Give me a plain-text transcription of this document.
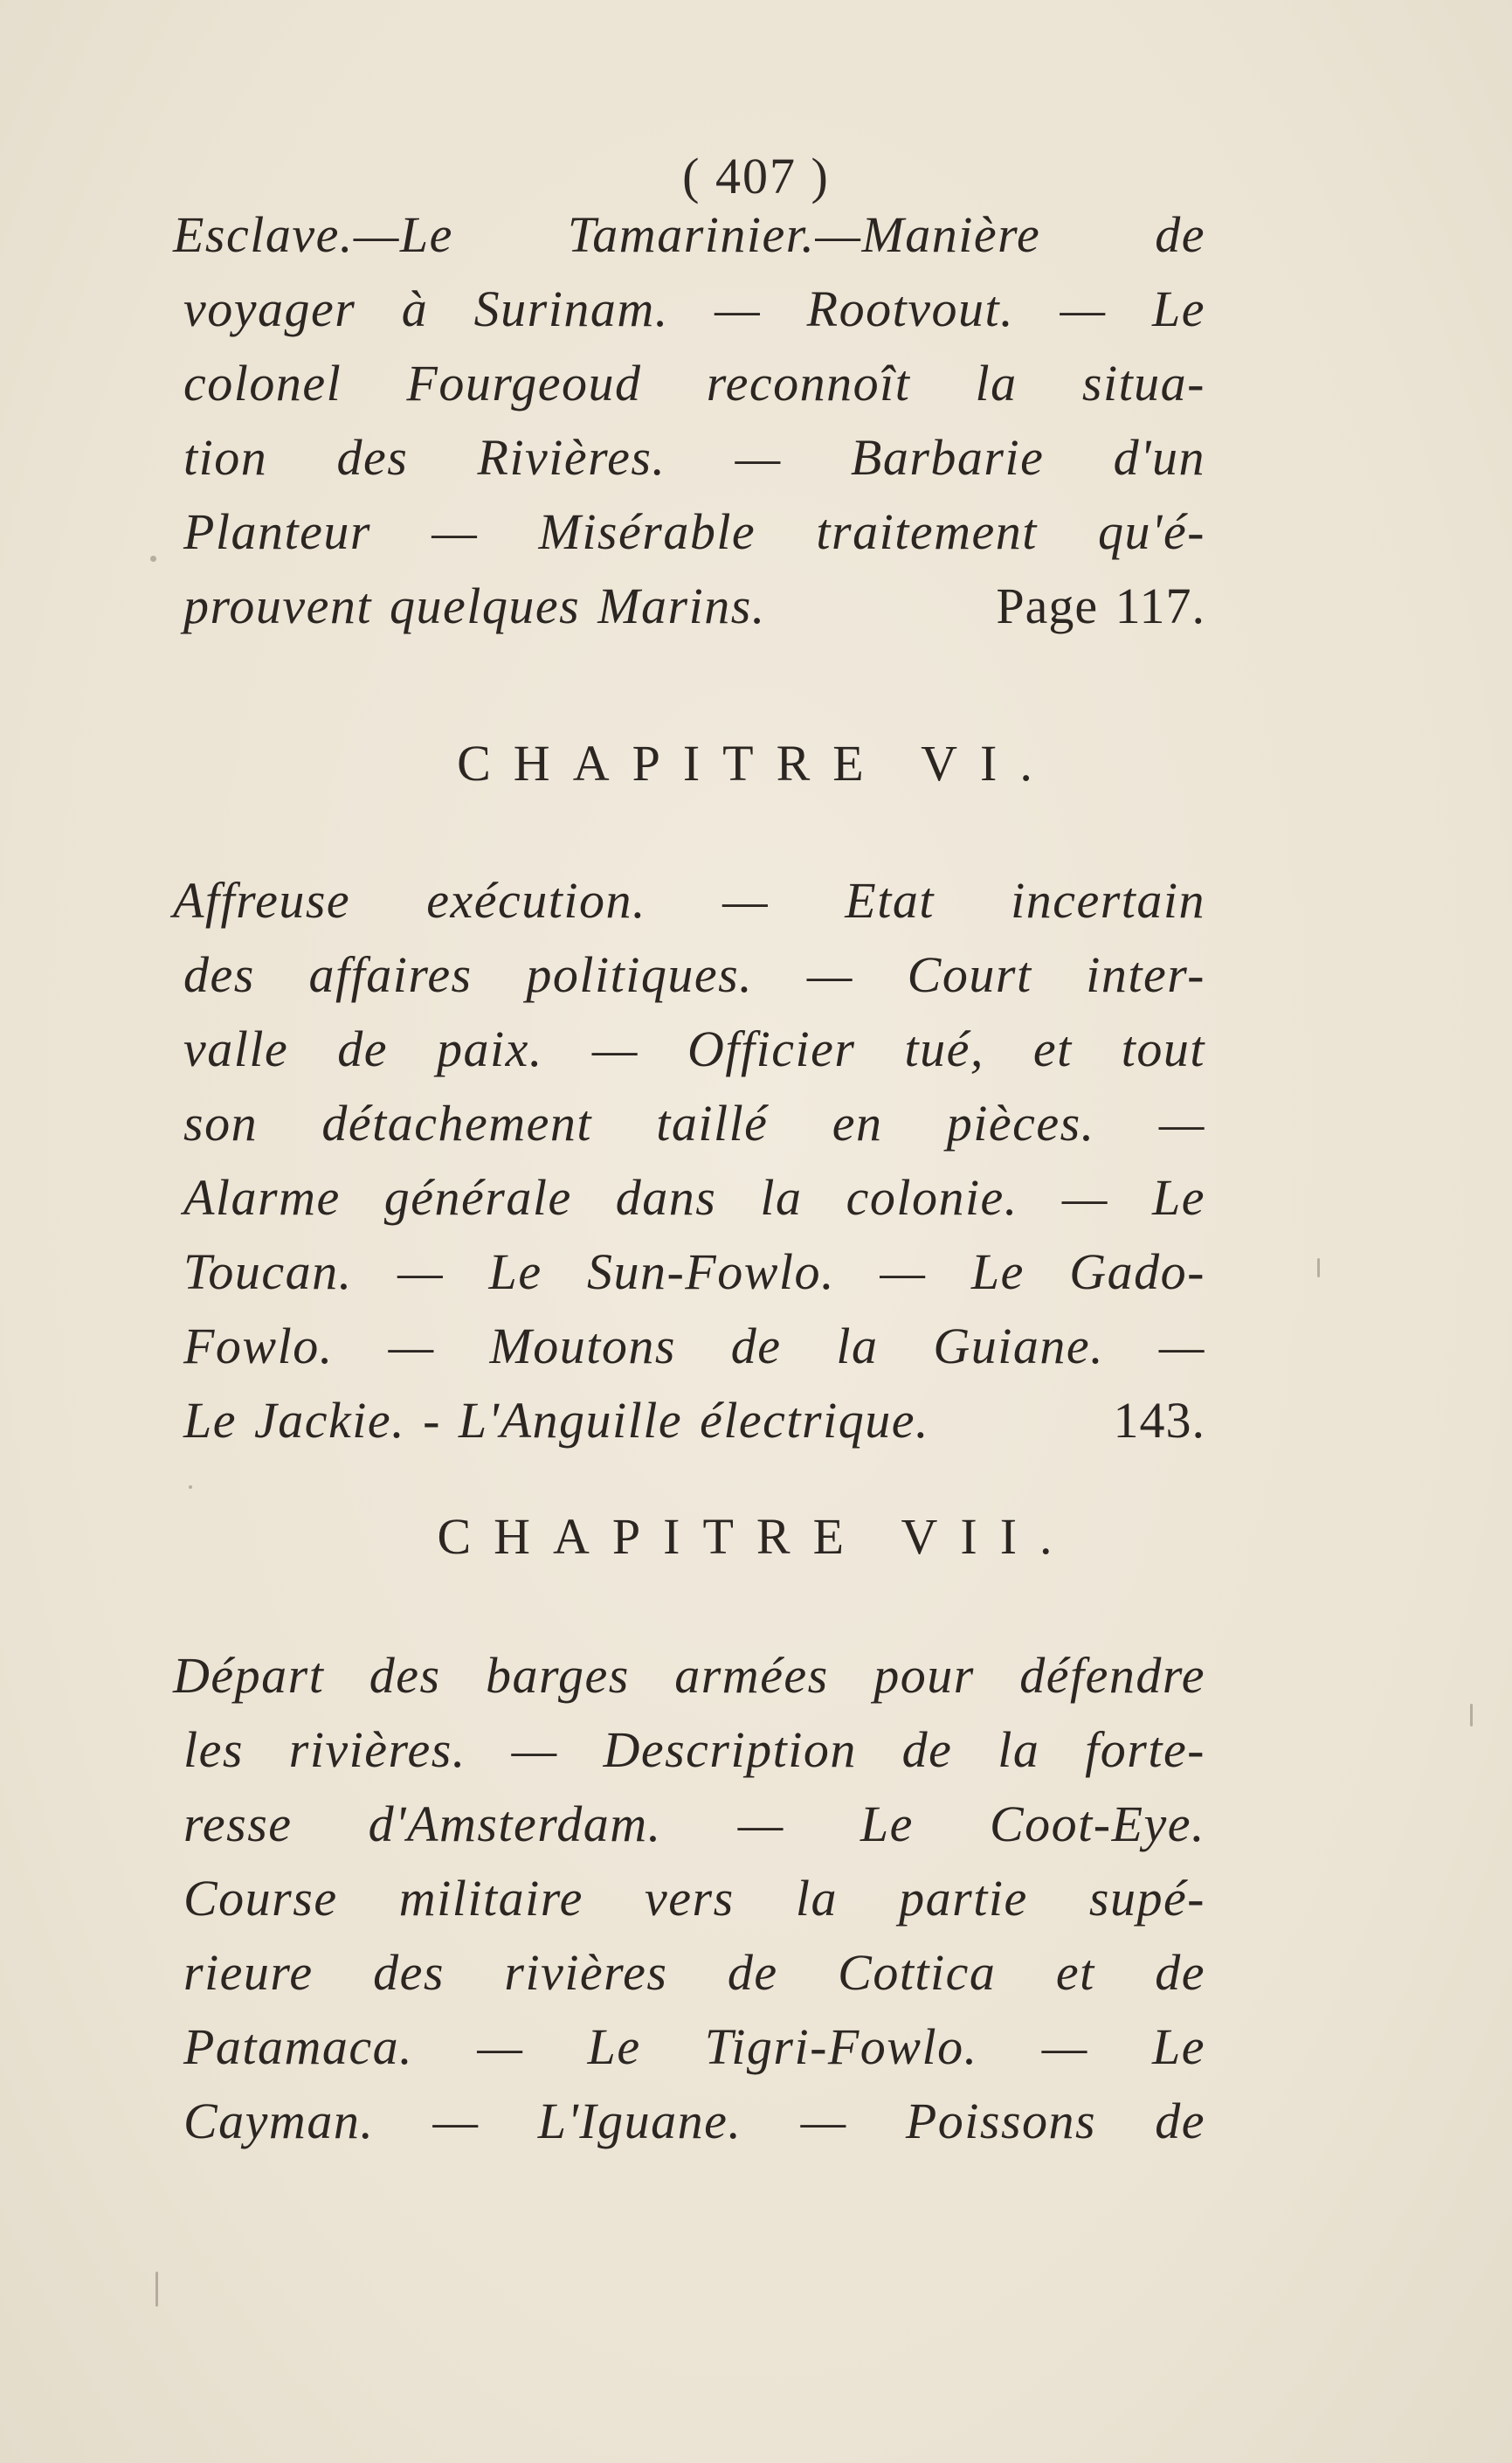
( 407 )
Esclave.—Le Tamarinier.—Manière de
voyager à Surinam. — Rootvout. — Le
colonel Fourgeoud reconnoît la situa-
tion des Rivières. — Barbarie d'un
Planteur — Misérable traitement qu'é-
prouvent quelques Marins.	Page 117.
CHAPITRE VI.
Affreuse exécution. — Etat incertain
des affaires politiques. — Court inter-
valle de paix. — Officier tué, et tout
son détachement taillé en pièces. —
Alarme générale dans la colonie. — Le
Toucan. — Le Sun-Fowlo. — Le Gado-
Fowlo. — Moutons de la Guiane. —
Le Jackie. - L'Anguille électrique.	143.
CHAPITRE VII.
Départ des barges armées pour défendre
les rivières. — Description de la forte-
resse d'Amsterdam. — Le Coot-Eye.
Course militaire vers la partie supé-
rieure des rivières de Cottica et de
Patamaca. — Le Tigri-Fowlo. — Le
Cayman. — L'Iguane. — Poissons de
